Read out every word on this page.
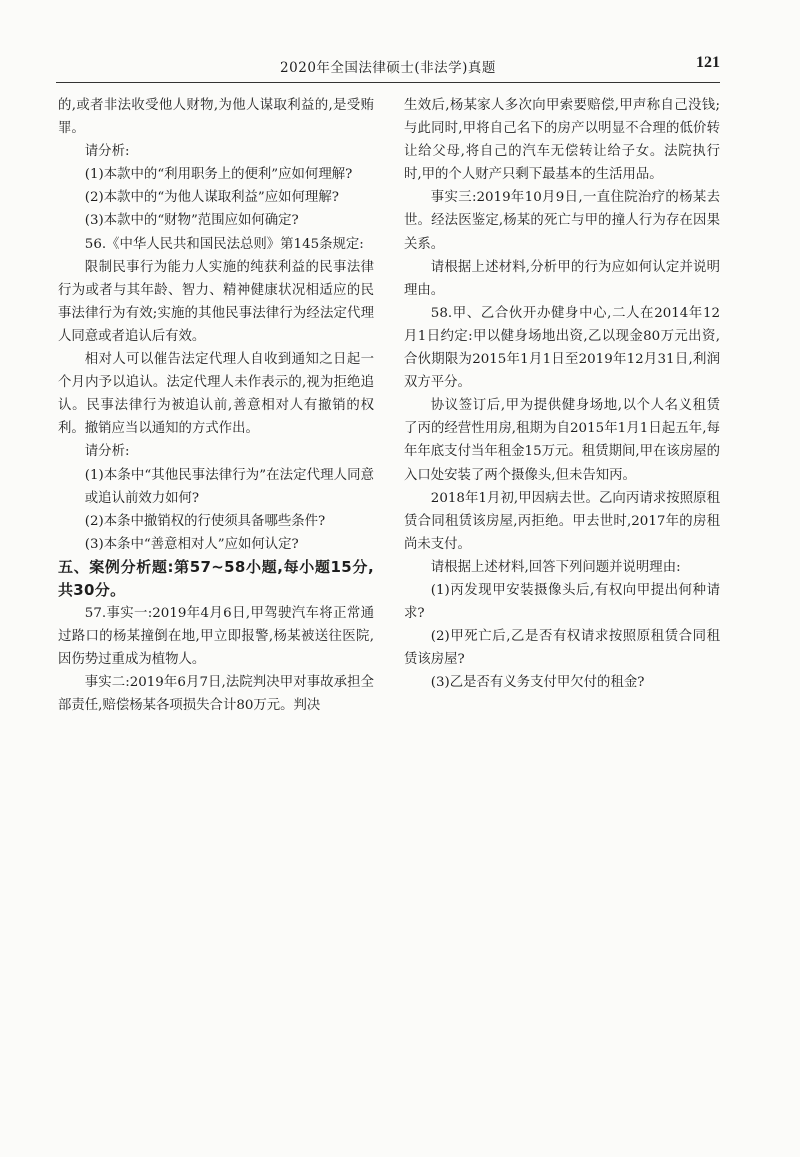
2020年全国法律硕士(非法学)真题	121

的,或者非法收受他人财物,为他人谋取利益的,是受贿罪。

请分析:

(1)本款中的“利用职务上的便利”应如何理解?

(2)本款中的“为他人谋取利益”应如何理解?

(3)本款中的“财物”范围应如何确定?

56.《中华人民共和国民法总则》第145条规定:

限制民事行为能力人实施的纯获利益的民事法律行为或者与其年龄、智力、精神健康状况相适应的民事法律行为有效;实施的其他民事法律行为经法定代理人同意或者追认后有效。

相对人可以催告法定代理人自收到通知之日起一个月内予以追认。法定代理人未作表示的,视为拒绝追认。民事法律行为被追认前,善意相对人有撤销的权利。撤销应当以通知的方式作出。

请分析:

(1)本条中“其他民事法律行为”在法定代理人同意或追认前效力如何?

(2)本条中撤销权的行使须具备哪些条件?

(3)本条中“善意相对人”应如何认定?

五、案例分析题:第57~58小题,每小题15分,共30分。

57.事实一:2019年4月6日,甲驾驶汽车将正常通过路口的杨某撞倒在地,甲立即报警,杨某被送往医院,因伤势过重成为植物人。

事实二:2019年6月7日,法院判决甲对事故承担全部责任,赔偿杨某各项损失合计80万元。判决

生效后,杨某家人多次向甲索要赔偿,甲声称自己没钱;与此同时,甲将自己名下的房产以明显不合理的低价转让给父母,将自己的汽车无偿转让给子女。法院执行时,甲的个人财产只剩下最基本的生活用品。

事实三:2019年10月9日,一直住院治疗的杨某去世。经法医鉴定,杨某的死亡与甲的撞人行为存在因果关系。

请根据上述材料,分析甲的行为应如何认定并说明理由。

58.甲、乙合伙开办健身中心,二人在2014年12月1日约定:甲以健身场地出资,乙以现金80万元出资,合伙期限为2015年1月1日至2019年12月31日,利润双方平分。

协议签订后,甲为提供健身场地,以个人名义租赁了丙的经营性用房,租期为自2015年1月1日起五年,每年年底支付当年租金15万元。租赁期间,甲在该房屋的入口处安装了两个摄像头,但未告知丙。

2018年1月初,甲因病去世。乙向丙请求按照原租赁合同租赁该房屋,丙拒绝。甲去世时,2017年的房租尚未支付。

请根据上述材料,回答下列问题并说明理由:

(1)丙发现甲安装摄像头后,有权向甲提出何种请求?

(2)甲死亡后,乙是否有权请求按照原租赁合同租赁该房屋?

(3)乙是否有义务支付甲欠付的租金?
